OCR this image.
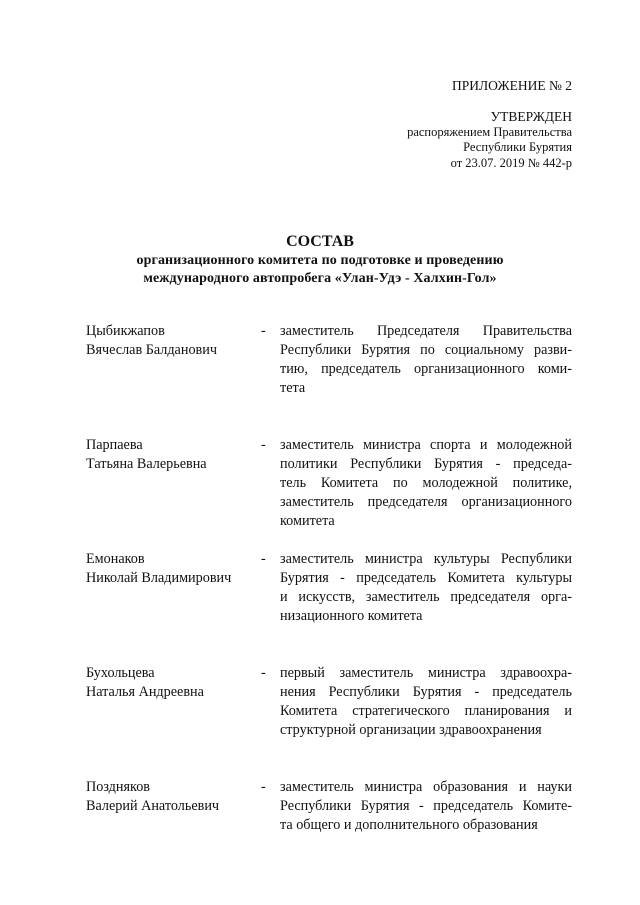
ПРИЛОЖЕНИЕ № 2
УТВЕРЖДЕН
распоряжением Правительства
Республики Бурятия
от 23.07. 2019 № 442-р
СОСТАВ
организационного комитета по подготовке и проведению
международного автопробега «Улан-Удэ - Халхин-Гол»
Цыбикжапов
Вячеслав Балданович
- заместитель Председателя Правительства
Республики Бурятия по социальному разви-
тию, председатель организационного коми-
тета
Парпаева
Татьяна Валерьевна
- заместитель министра спорта и молодежной
политики Республики Бурятия - председа-
тель Комитета по молодежной политике,
заместитель председателя организационного
комитета
Емонаков
Николай Владимирович
- заместитель министра культуры Республики
Бурятия - председатель Комитета культуры
и искусств, заместитель председателя орга-
низационного комитета
Бухольцева
Наталья Андреевна
- первый заместитель министра здравоохра-
нения Республики Бурятия - председатель
Комитета стратегического планирования и
структурной организации здравоохранения
Поздняков
Валерий Анатольевич
- заместитель министра образования и науки
Республики Бурятия - председатель Комите-
та общего и дополнительного образования
